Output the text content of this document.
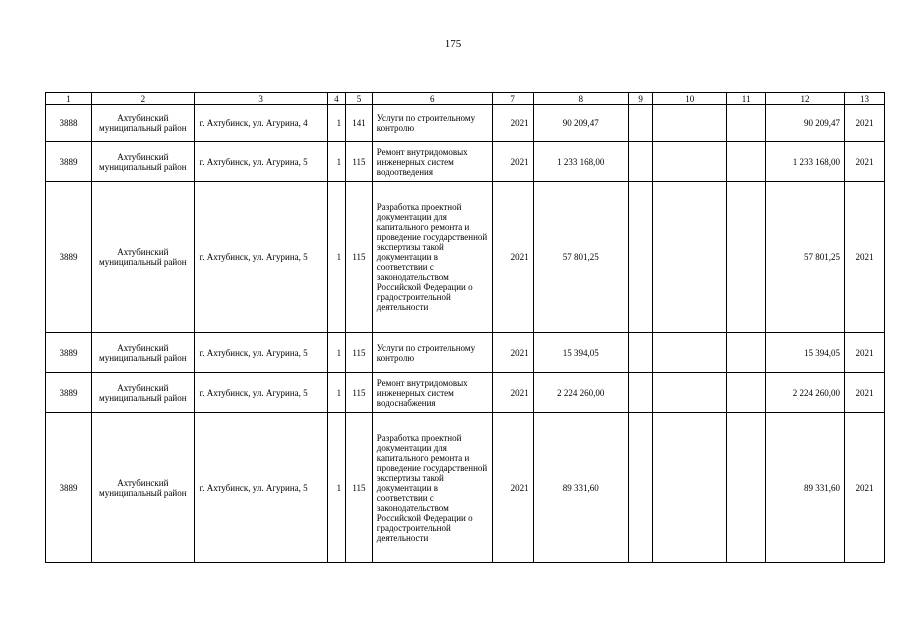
175
1	2	3	4	5	6	7	8	9	10	11	12	13
3888	Ахтубинский муниципальный район	г. Ахтубинск, ул. Агурина, 4	1	141	Услуги по строительному контролю	2021	90 209,47				90 209,47	2021
3889	Ахтубинский муниципальный район	г. Ахтубинск, ул. Агурина, 5	1	115	Ремонт внутридомовых инженерных систем водоотведения	2021	1 233 168,00				1 233 168,00	2021
3889	Ахтубинский муниципальный район	г. Ахтубинск, ул. Агурина, 5	1	115	Разработка проектной документации для капитального ремонта и проведение государственной экспертизы такой документации в соответствии с законодательством Российской Федерации о градостроительной деятельности	2021	57 801,25				57 801,25	2021
3889	Ахтубинский муниципальный район	г. Ахтубинск, ул. Агурина, 5	1	115	Услуги по строительному контролю	2021	15 394,05				15 394,05	2021
3889	Ахтубинский муниципальный район	г. Ахтубинск, ул. Агурина, 5	1	115	Ремонт внутридомовых инженерных систем водоснабжения	2021	2 224 260,00				2 224 260,00	2021
3889	Ахтубинский муниципальный район	г. Ахтубинск, ул. Агурина, 5	1	115	Разработка проектной документации для капитального ремонта и проведение государственной экспертизы такой документации в соответствии с законодательством Российской Федерации о градостроительной деятельности	2021	89 331,60				89 331,60	2021
